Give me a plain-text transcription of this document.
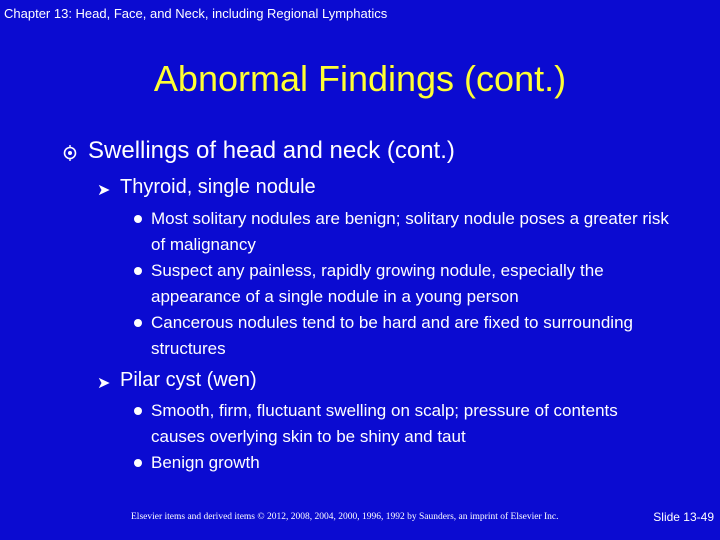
Chapter 13: Head, Face, and Neck, including Regional Lymphatics
Abnormal Findings (cont.)
Swellings of head and neck (cont.)
➤ Thyroid, single nodule
Most solitary nodules are benign; solitary nodule poses a greater risk of malignancy
Suspect any painless, rapidly growing nodule, especially the appearance of a single nodule in a young person
Cancerous nodules tend to be hard and are fixed to surrounding structures
➤ Pilar cyst (wen)
Smooth, firm, fluctuant swelling on scalp; pressure of contents causes overlying skin to be shiny and taut
Benign growth
Elsevier items and derived items © 2012, 2008, 2004, 2000, 1996, 1992 by Saunders, an imprint of Elsevier Inc.	Slide 13-49
